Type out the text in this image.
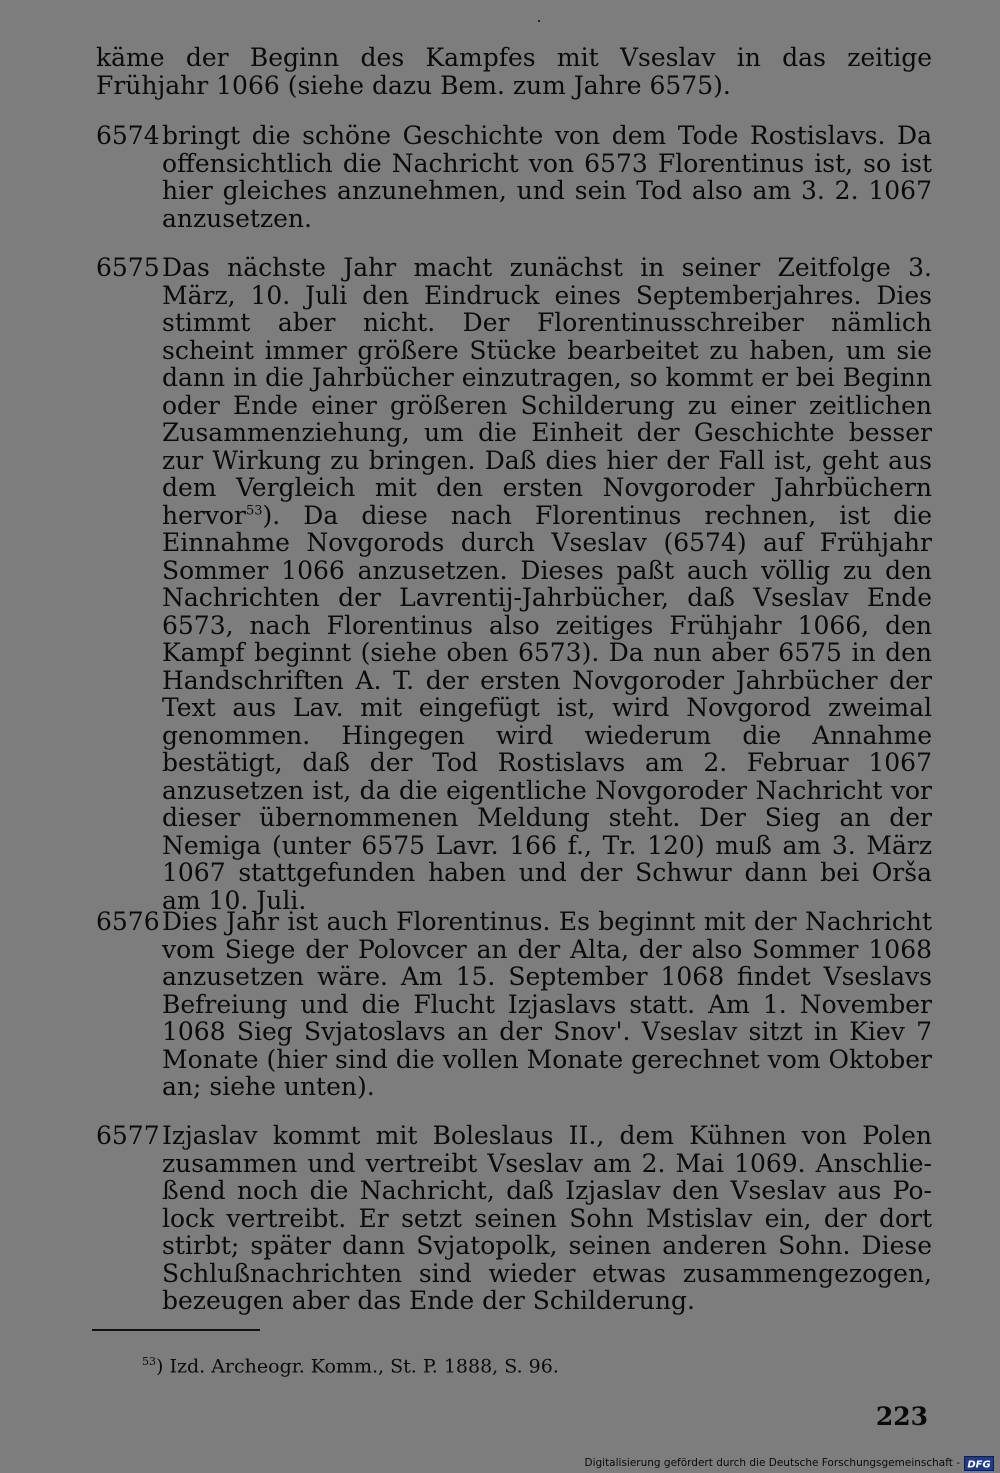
käme der Beginn des Kampfes mit Vseslav in das zeitige Frühjahr 1066 (siehe dazu Bem. zum Jahre 6575).

6574 bringt die schöne Geschichte von dem Tode Rostislavs. Da offensichtlich die Nachricht von 6573 Florentinus ist, so ist hier gleiches anzunehmen, und sein Tod also am 3. 2. 1067 anzusetzen.
6575 Das nächste Jahr macht zunächst in seiner Zeitfolge 3. März, 10. Juli den Eindruck eines Septemberjahres. Dies stimmt aber nicht. Der Florentinusschreiber nämlich scheint immer größere Stücke bearbeitet zu haben, um sie dann in die Jahrbücher einzutragen, so kommt er bei Beginn oder Ende einer größeren Schilderung zu einer zeitlichen Zusammenziehung, um die Einheit der Geschichte besser zur Wirkung zu bringen. Daß dies hier der Fall ist, geht aus dem Vergleich mit den ersten Novgoroder Jahrbüchern hervor$^{53}$). Da diese nach Florentinus rechnen, ist die Einnahme Novgorods durch Vseslav (6574) auf Frühjahr Sommer 1066 anzusetzen. Dieses paßt auch völlig zu den Nachrichten der Lavrentij-Jahrbücher, daß Vseslav Ende 6573, nach Florentinus also zeitiges Frühjahr 1066, den Kampf beginnt (siehe oben 6573). Da nun aber 6575 in den Handschriften A. T. der ersten Novgoroder Jahrbücher der Text aus Lav. mit eingefügt ist, wird Novgorod zweimal genommen. Hingegen wird wiederum die Annahme bestätigt, daß der Tod Rostislavs am 2. Februar 1067 anzusetzen ist, da die eigentliche Novgoroder Nachricht vor dieser übernommenen Meldung steht. Der Sieg an der Nemiga (unter 6575 Lavr. 166 f., Tr. 120) muß am 3. März 1067 stattgefunden haben und der Schwur dann bei Orša am 10. Juli.
6576 Dies Jahr ist auch Florentinus. Es beginnt mit der Nachricht vom Siege der Polovcer an der Alta, der also Sommer 1068 anzusetzen wäre. Am 15. September 1068 findet Vseslavs Befreiung und die Flucht Izjaslavs statt. Am 1. November 1068 Sieg Svjatoslavs an der Snov'. Vseslav sitzt in Kiev 7 Monate (hier sind die vollen Monate gerechnet vom Oktober an; siehe unten).
6577 Izjaslav kommt mit Boleslaus II., dem Kühnen von Polen zusammen und vertreibt Vseslav am 2. Mai 1069. Anschließend noch die Nachricht, daß Izjaslav den Vseslav aus Polock vertreibt. Er setzt seinen Sohn Mstislav ein, der dort stirbt; später dann Svjatopolk, seinen anderen Sohn. Diese Schlußnachrichten sind wieder etwas zusammengezogen, bezeugen aber das Ende der Schilderung.
$^{53}$) Izd. Archeogr. Komm., St. P. 1888, S. 96.
223
Digitalisierung gefördert durch die Deutsche Forschungsgemeinschaft - DFG
